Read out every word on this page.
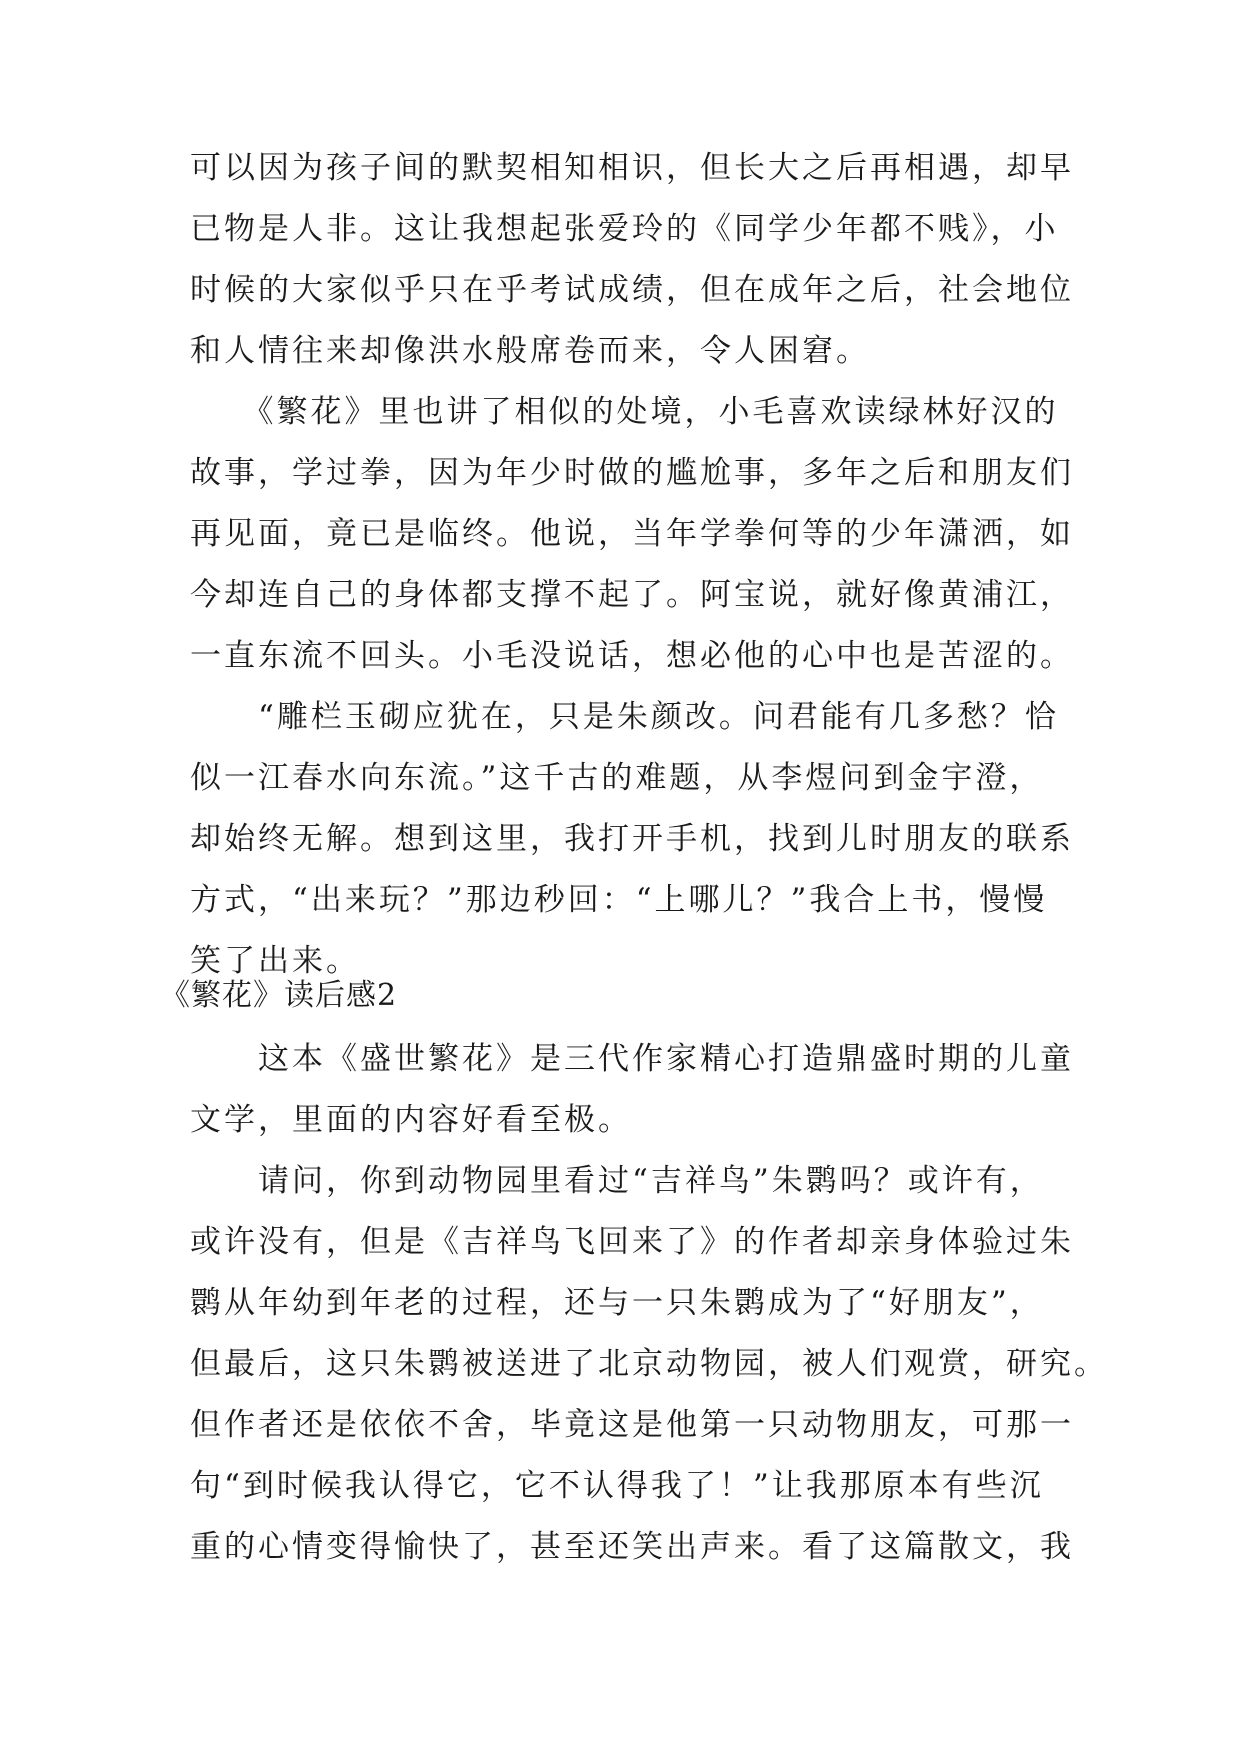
可以因为孩子间的默契相知相识，但长大之后再相遇，却早
已物是人非。这让我想起张爱玲的《同学少年都不贱》，小
时候的大家似乎只在乎考试成绩，但在成年之后，社会地位
和人情往来却像洪水般席卷而来，令人困窘。
　　《繁花》里也讲了相似的处境，小毛喜欢读绿林好汉的
故事，学过拳，因为年少时做的尴尬事，多年之后和朋友们
再见面，竟已是临终。他说，当年学拳何等的少年潇洒，如
今却连自己的身体都支撑不起了。阿宝说，就好像黄浦江，
一直东流不回头。小毛没说话，想必他的心中也是苦涩的。
　　“雕栏玉砌应犹在，只是朱颜改。问君能有几多愁？恰
似一江春水向东流。”这千古的难题，从李煜问到金宇澄，
却始终无解。想到这里，我打开手机，找到儿时朋友的联系
方式，“出来玩？”那边秒回：“上哪儿？”我合上书，慢慢
笑了出来。
《繁花》读后感2
　　这本《盛世繁花》是三代作家精心打造鼎盛时期的儿童
文学，里面的内容好看至极。
　　请问，你到动物园里看过“吉祥鸟”朱鹮吗？或许有，
或许没有，但是《吉祥鸟飞回来了》的作者却亲身体验过朱
鹮从年幼到年老的过程，还与一只朱鹮成为了“好朋友”，
但最后，这只朱鹮被送进了北京动物园，被人们观赏，研究。
但作者还是依依不舍，毕竟这是他第一只动物朋友，可那一
句“到时候我认得它，它不认得我了！”让我那原本有些沉
重的心情变得愉快了，甚至还笑出声来。看了这篇散文，我
